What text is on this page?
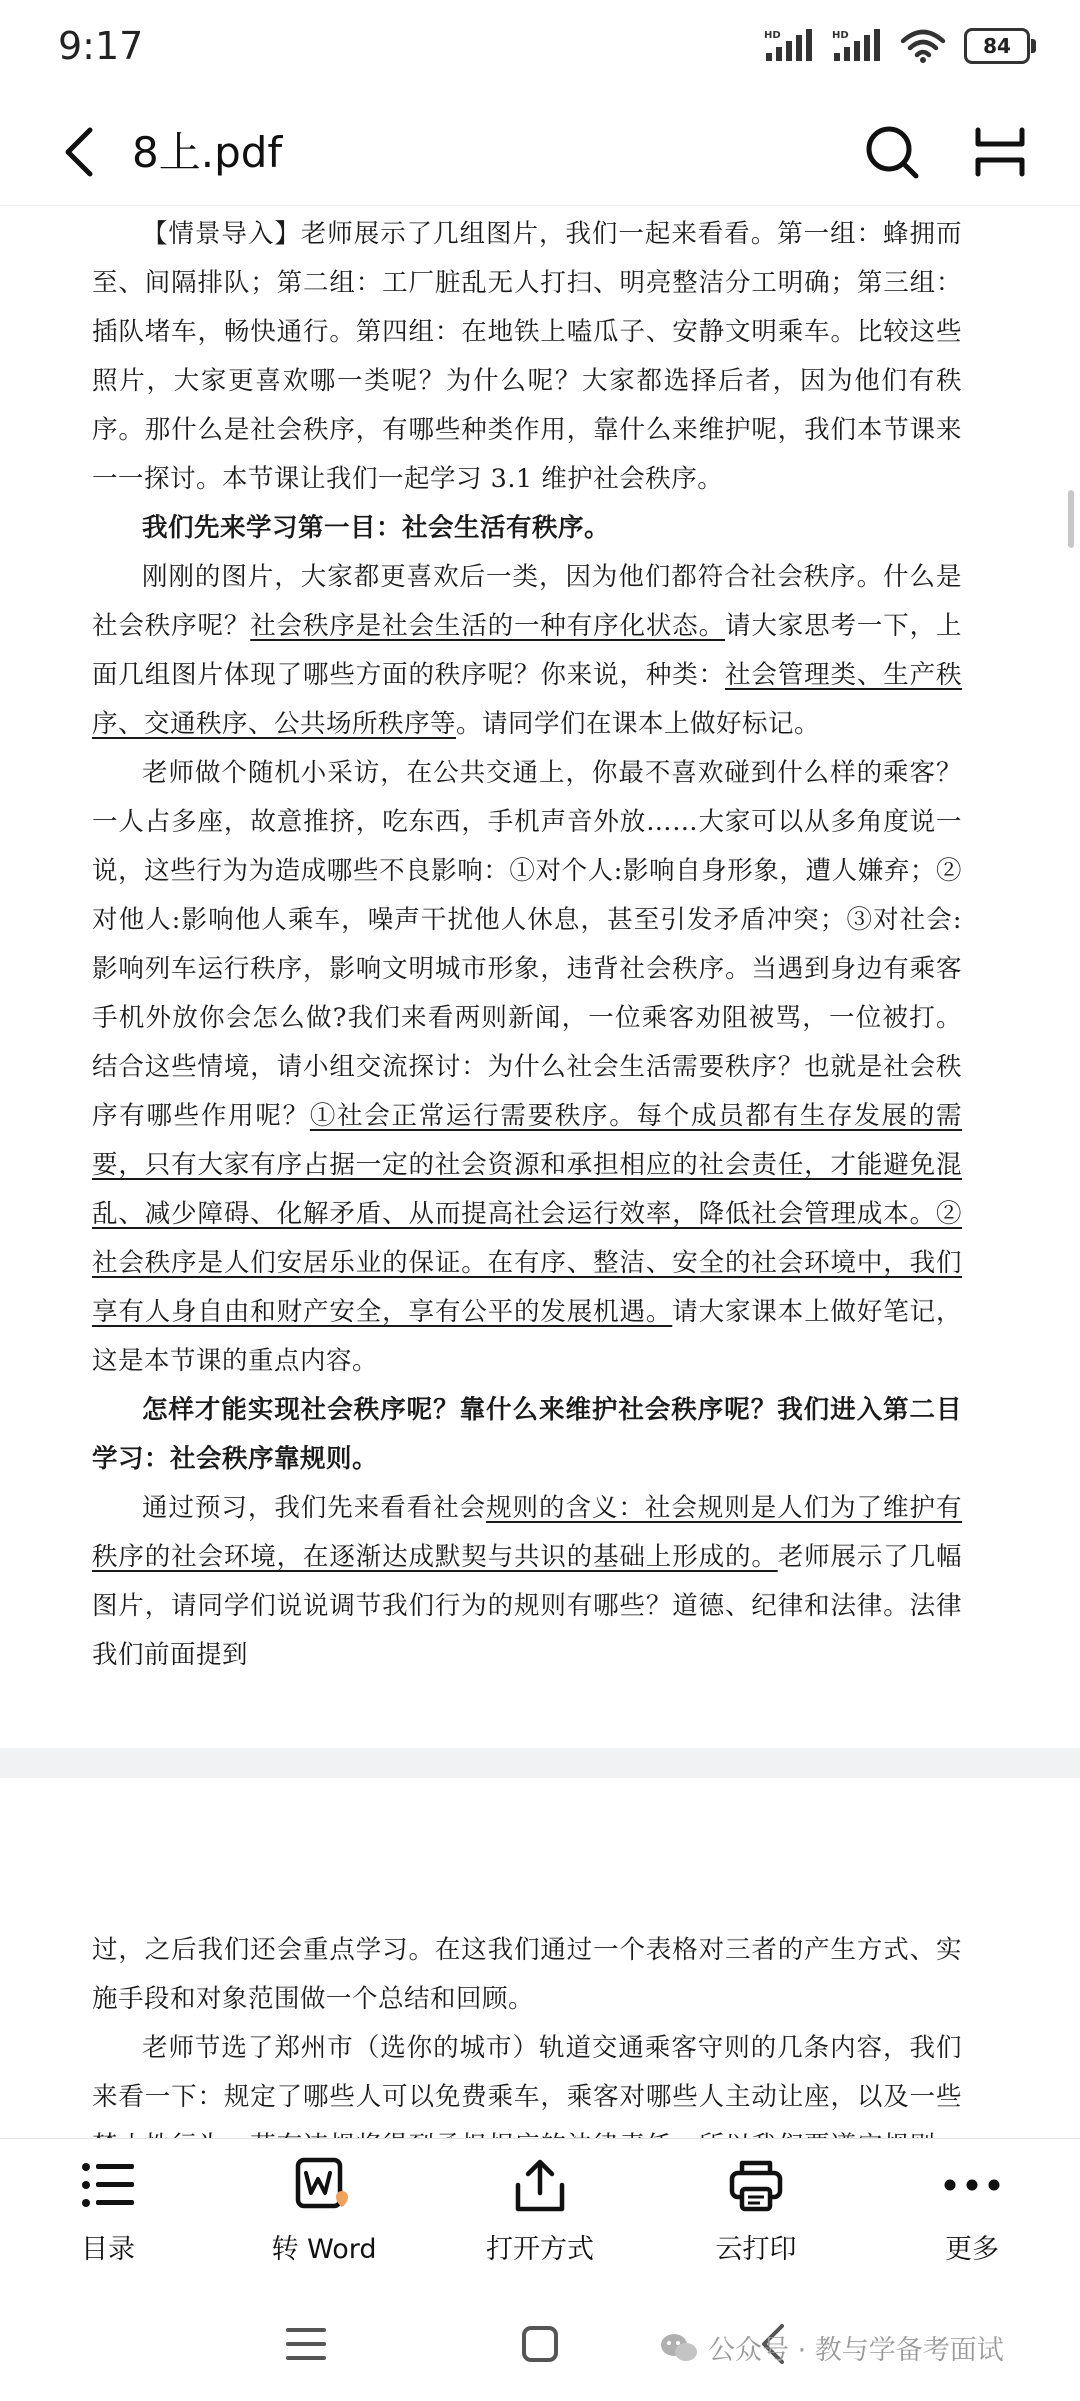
9:17	HD	HD	84
8上.pdf

【情景导入】老师展示了几组图片，我们一起来看看。第一组：蜂拥而至、间隔排队；第二组：工厂脏乱无人打扫、明亮整洁分工明确；第三组：插队堵车，畅快通行。第四组：在地铁上嗑瓜子、安静文明乘车。比较这些照片，大家更喜欢哪一类呢？为什么呢？大家都选择后者，因为他们有秩序。那什么是社会秩序，有哪些种类作用，靠什么来维护呢，我们本节课来一一探讨。本节课让我们一起学习 3.1 维护社会秩序。

我们先来学习第一目：社会生活有秩序。

刚刚的图片，大家都更喜欢后一类，因为他们都符合社会秩序。什么是社会秩序呢？社会秩序是社会生活的一种有序化状态。请大家思考一下，上面几组图片体现了哪些方面的秩序呢？你来说，种类：社会管理类、生产秩序、交通秩序、公共场所秩序等。请同学们在课本上做好标记。

老师做个随机小采访，在公共交通上，你最不喜欢碰到什么样的乘客？一人占多座，故意推挤，吃东西，手机声音外放……大家可以从多角度说一说，这些行为为造成哪些不良影响：①对个人:影响自身形象，遭人嫌弃；②对他人:影响他人乘车，噪声干扰他人休息，甚至引发矛盾冲突；③对社会:影响列车运行秩序，影响文明城市形象，违背社会秩序。当遇到身边有乘客手机外放你会怎么做?我们来看两则新闻，一位乘客劝阻被骂，一位被打。结合这些情境，请小组交流探讨：为什么社会生活需要秩序？也就是社会秩序有哪些作用呢？①社会正常运行需要秩序。每个成员都有生存发展的需要，只有大家有序占据一定的社会资源和承担相应的社会责任，才能避免混乱、减少障碍、化解矛盾、从而提高社会运行效率，降低社会管理成本。②社会秩序是人们安居乐业的保证。在有序、整洁、安全的社会环境中，我们享有人身自由和财产安全，享有公平的发展机遇。请大家课本上做好笔记，这是本节课的重点内容。

怎样才能实现社会秩序呢？靠什么来维护社会秩序呢？我们进入第二目学习：社会秩序靠规则。

通过预习，我们先来看看社会规则的含义：社会规则是人们为了维护有秩序的社会环境，在逐渐达成默契与共识的基础上形成的。老师展示了几幅图片，请同学们说说调节我们行为的规则有哪些？道德、纪律和法律。法律我们前面提到

过，之后我们还会重点学习。在这我们通过一个表格对三者的产生方式、实施手段和对象范围做一个总结和回顾。

老师节选了郑州市（选你的城市）轨道交通乘客守则的几条内容，我们来看一下：规定了哪些人可以免费乘车，乘客对哪些人主动让座，以及一些

目录	转 Word	打开方式	云打印	更多
公众号 · 教与学备考面试
